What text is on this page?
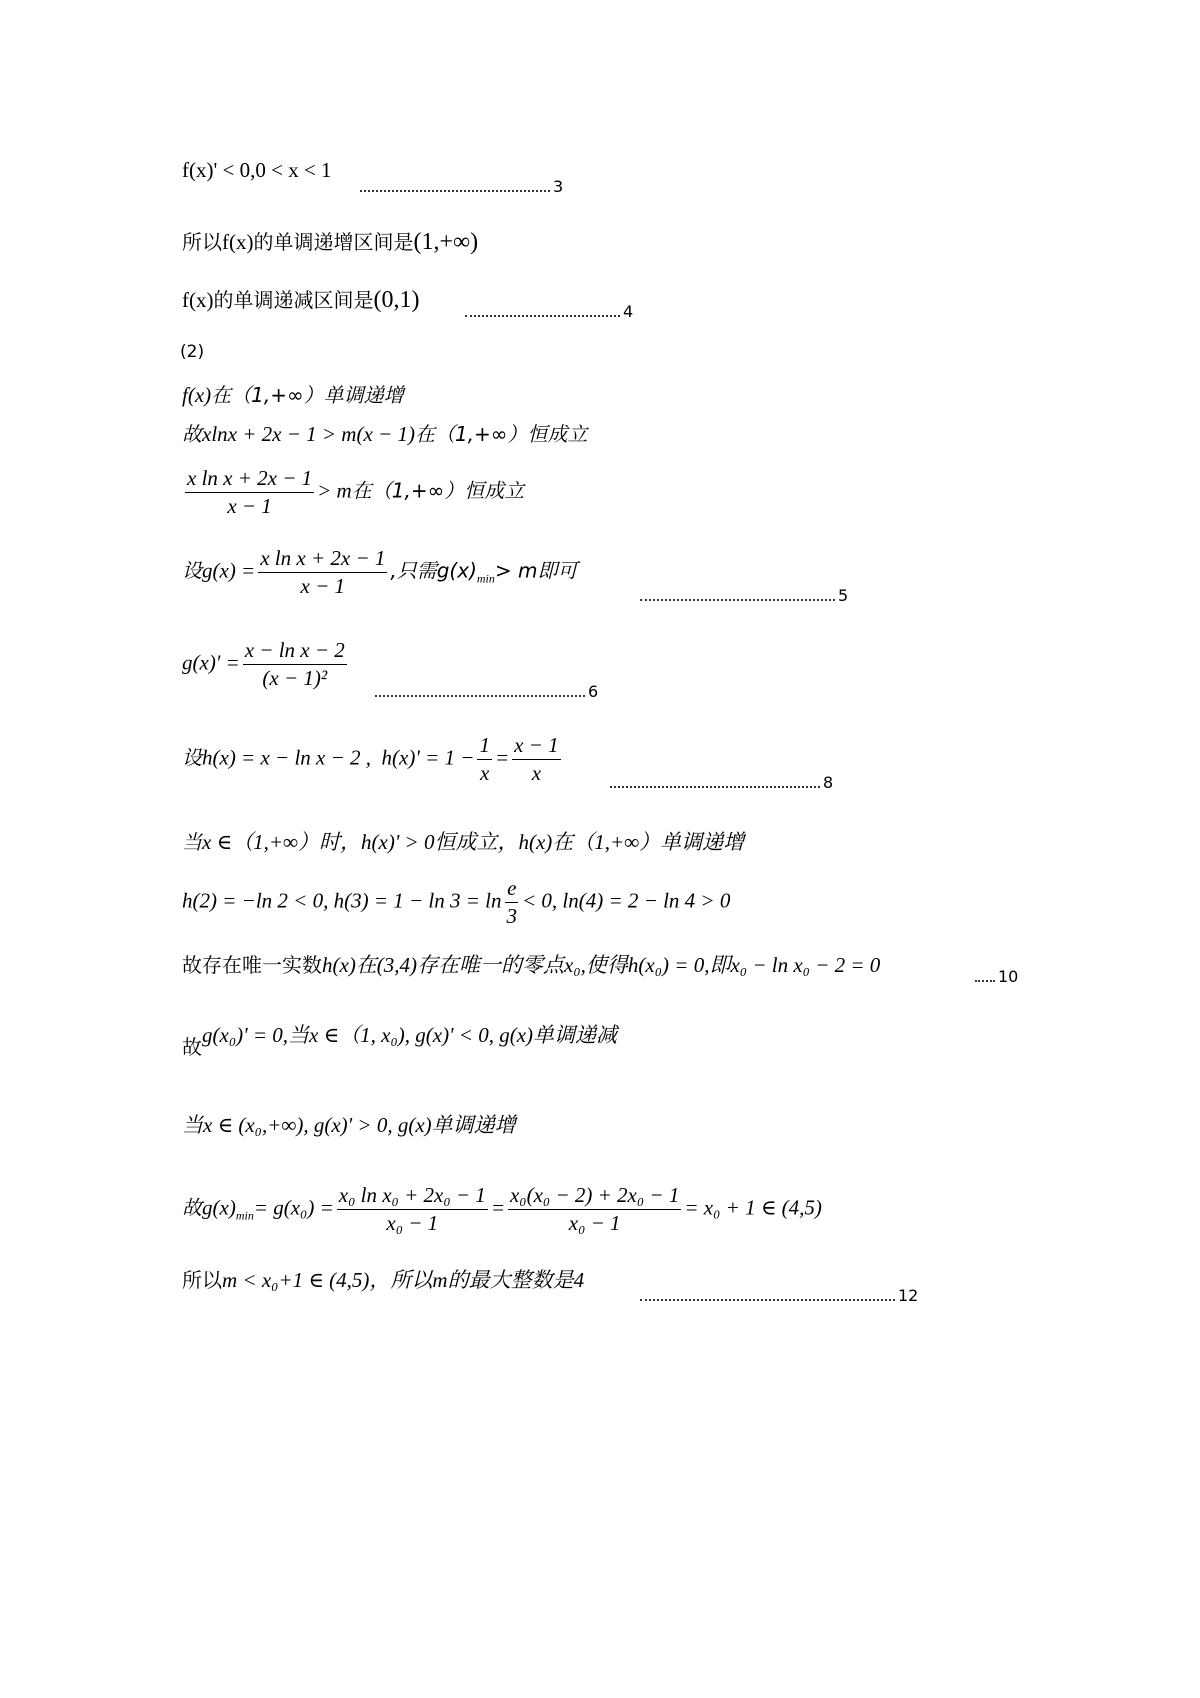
f(x)' < 0,0 < x < 1
3
所以f(x)的单调递增区间是(1,+∞)
f(x)的单调递减区间是(0,1)	4
(2)
f(x)在（1,+∞）单调递增
故xlnx + 2x − 1 > m(x − 1)在（1,+∞）恒成立
$\frac{\text{x ln x + 2x − 1}}{x - 1} > m$在（1,+∞）恒成立
设$g(x) = \frac{\text{x ln x + 2x − 1}}{x - 1}$ ,只需$g(x)_{min}> m$即可
5
$g(x)' = \frac{\text{x − ln x − 2}}{\text{(x − 1)²}}$
6
设h(x) = x − ln x − 2 , $h(x)' = 1 - \frac{1}{x} = \frac{x - 1}{x}$	8
当x ∈（1,+∞）时，h(x)' > 0恒成立，h(x)在（1,+∞）单调递增
h(2) = −ln 2 < 0, $h(3) = 1 - \ln 3 = \ln \frac{e}{3} < 0$, ln(4) = 2 − ln 4 > 0
故存在唯一实数h(x)在(3,4)存在唯一的零点x₀,使得h(x₀) = 0,即x₀ − ln x₀ − 2 = 0	10
故g(x₀)' = 0,当x ∈（1, x₀), g(x)' < 0, g(x)单调递减
当x ∈ (x₀,+∞), g(x)' > 0, g(x)单调递增
故$g(x)_{min}= g(x_0) = \frac{\text{x₀ ln x₀ + 2x₀ − 1}}{\text{x₀ − 1}} = \frac{\text{x₀(x₀ − 2) + 2x₀ − 1}}{\text{x₀ − 1}} = x_0 + 1$ ∈ (4,5)
所以m < x₀+1 ∈ (4,5)，所以m的最大整数是4
12
